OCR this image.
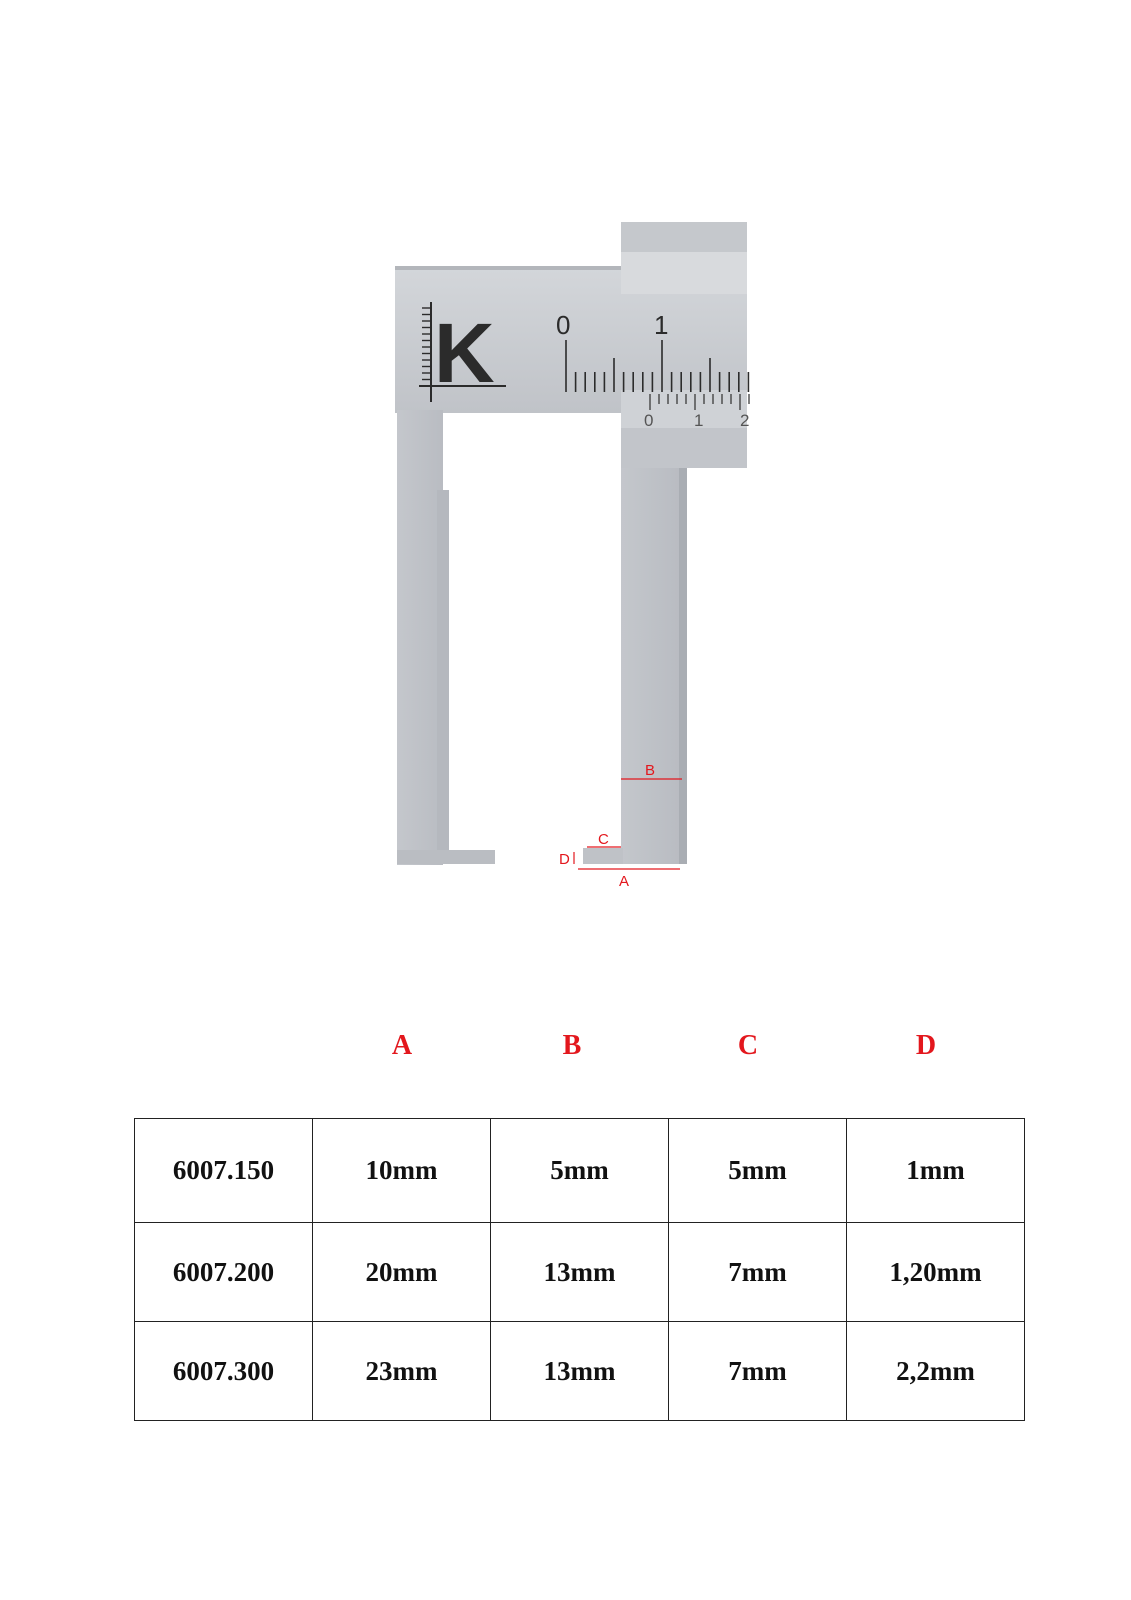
K 0	1
0 1 2
B
C
D
A
A	B	C	D
6007.150	10mm	5mm	5mm	1mm
6007.200	20mm	13mm	7mm	1,20mm
6007.300	23mm	13mm	7mm	2,2mm
